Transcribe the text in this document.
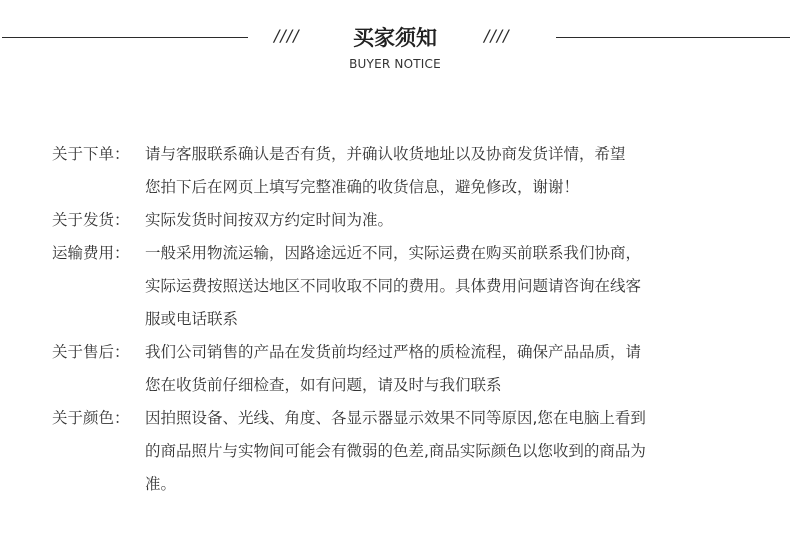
////	买家须知	////
BUYER NOTICE
关于下单： 请与客服联系确认是否有货，并确认收货地址以及协商发货详情，希望
您拍下后在网页上填写完整准确的收货信息，避免修改，谢谢！
关于发货： 实际发货时间按双方约定时间为准。
运输费用： 一般采用物流运输，因路途远近不同，实际运费在购买前联系我们协商，
实际运费按照送达地区不同收取不同的费用。具体费用问题请咨询在线客
服或电话联系
关于售后： 我们公司销售的产品在发货前均经过严格的质检流程，确保产品品质，请
您在收货前仔细检查，如有问题，请及时与我们联系
关于颜色： 因拍照设备、光线、角度、各显示器显示效果不同等原因,您在电脑上看到
的商品照片与实物间可能会有微弱的色差,商品实际颜色以您收到的商品为
准。
